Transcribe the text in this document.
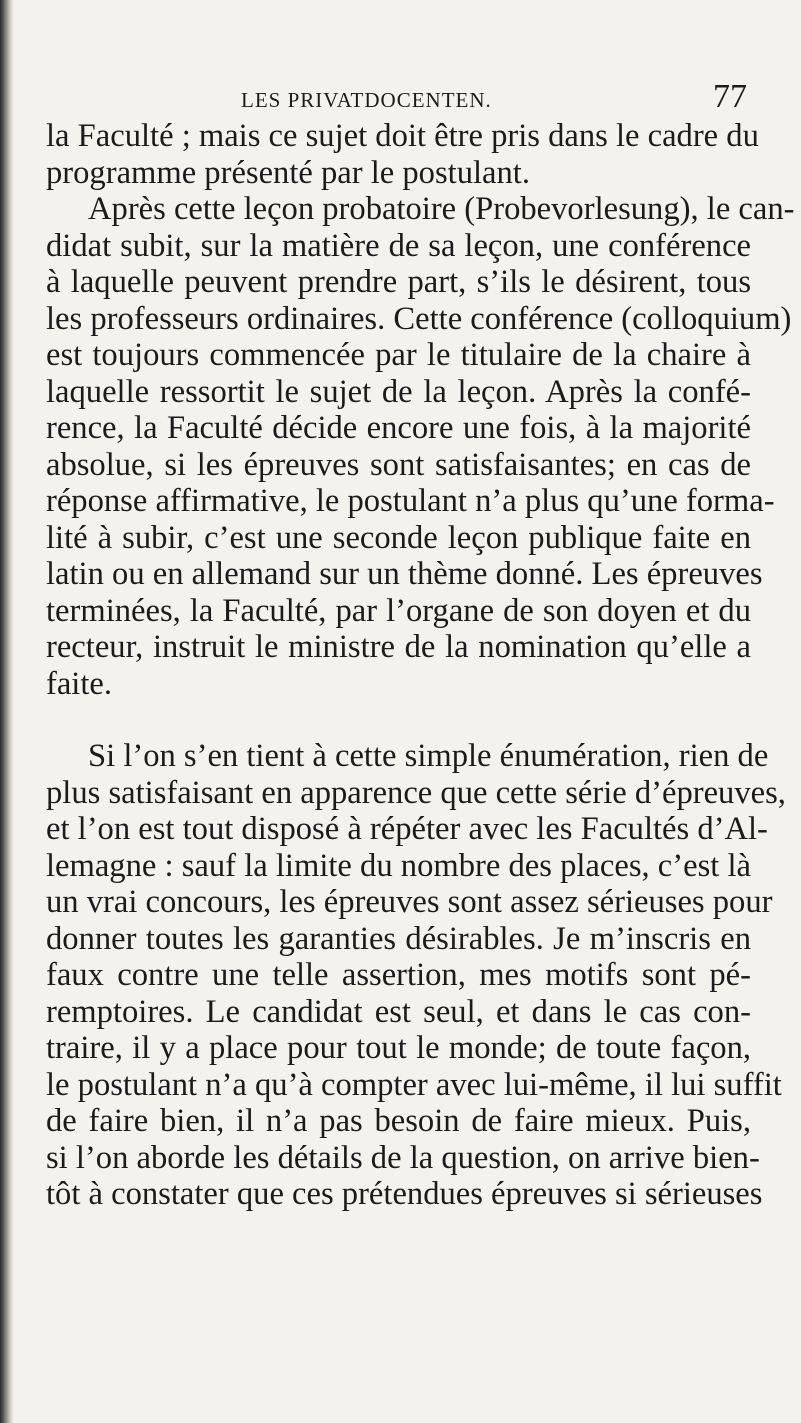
LES PRIVATDOCENTEN.	77
la Faculté ; mais ce sujet doit être pris dans le cadre du
programme présenté par le postulant.
Après cette leçon probatoire (Probevorlesung), le can-
didat subit, sur la matière de sa leçon, une conférence
à laquelle peuvent prendre part, s’ils le désirent, tous
les professeurs ordinaires. Cette conférence (colloquium)
est toujours commencée par le titulaire de la chaire à
laquelle ressortit le sujet de la leçon. Après la confé-
rence, la Faculté décide encore une fois, à la majorité
absolue, si les épreuves sont satisfaisantes; en cas de
réponse affirmative, le postulant n’a plus qu’une forma-
lité à subir, c’est une seconde leçon publique faite en
latin ou en allemand sur un thème donné. Les épreuves
terminées, la Faculté, par l’organe de son doyen et du
recteur, instruit le ministre de la nomination qu’elle a
faite.
Si l’on s’en tient à cette simple énumération, rien de
plus satisfaisant en apparence que cette série d’épreuves,
et l’on est tout disposé à répéter avec les Facultés d’Al-
lemagne : sauf la limite du nombre des places, c’est là
un vrai concours, les épreuves sont assez sérieuses pour
donner toutes les garanties désirables. Je m’inscris en
faux contre une telle assertion, mes motifs sont pé-
remptoires. Le candidat est seul, et dans le cas con-
traire, il y a place pour tout le monde; de toute façon,
le postulant n’a qu’à compter avec lui-même, il lui suffit
de faire bien, il n’a pas besoin de faire mieux. Puis,
si l’on aborde les détails de la question, on arrive bien-
tôt à constater que ces prétendues épreuves si sérieuses
